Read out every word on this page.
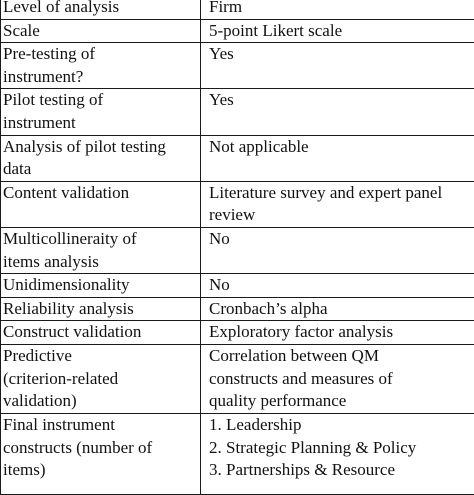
Level of analysis	Firm
Scale	5-point Likert scale
Pre-testing of
instrument?	Yes
Pilot testing of
instrument	Yes
Analysis of pilot testing
data	Not applicable
Content validation	Literature survey and expert panel
review
Multicollineraity of
items analysis	No
Unidimensionality	No
Reliability analysis	Cronbach’s alpha
Construct validation	Exploratory factor analysis
Predictive
(criterion-related
validation)	Correlation between QM
constructs and measures of
quality performance
Final instrument
constructs (number of
items)	1. Leadership
2. Strategic Planning & Policy
3. Partnerships & Resource
